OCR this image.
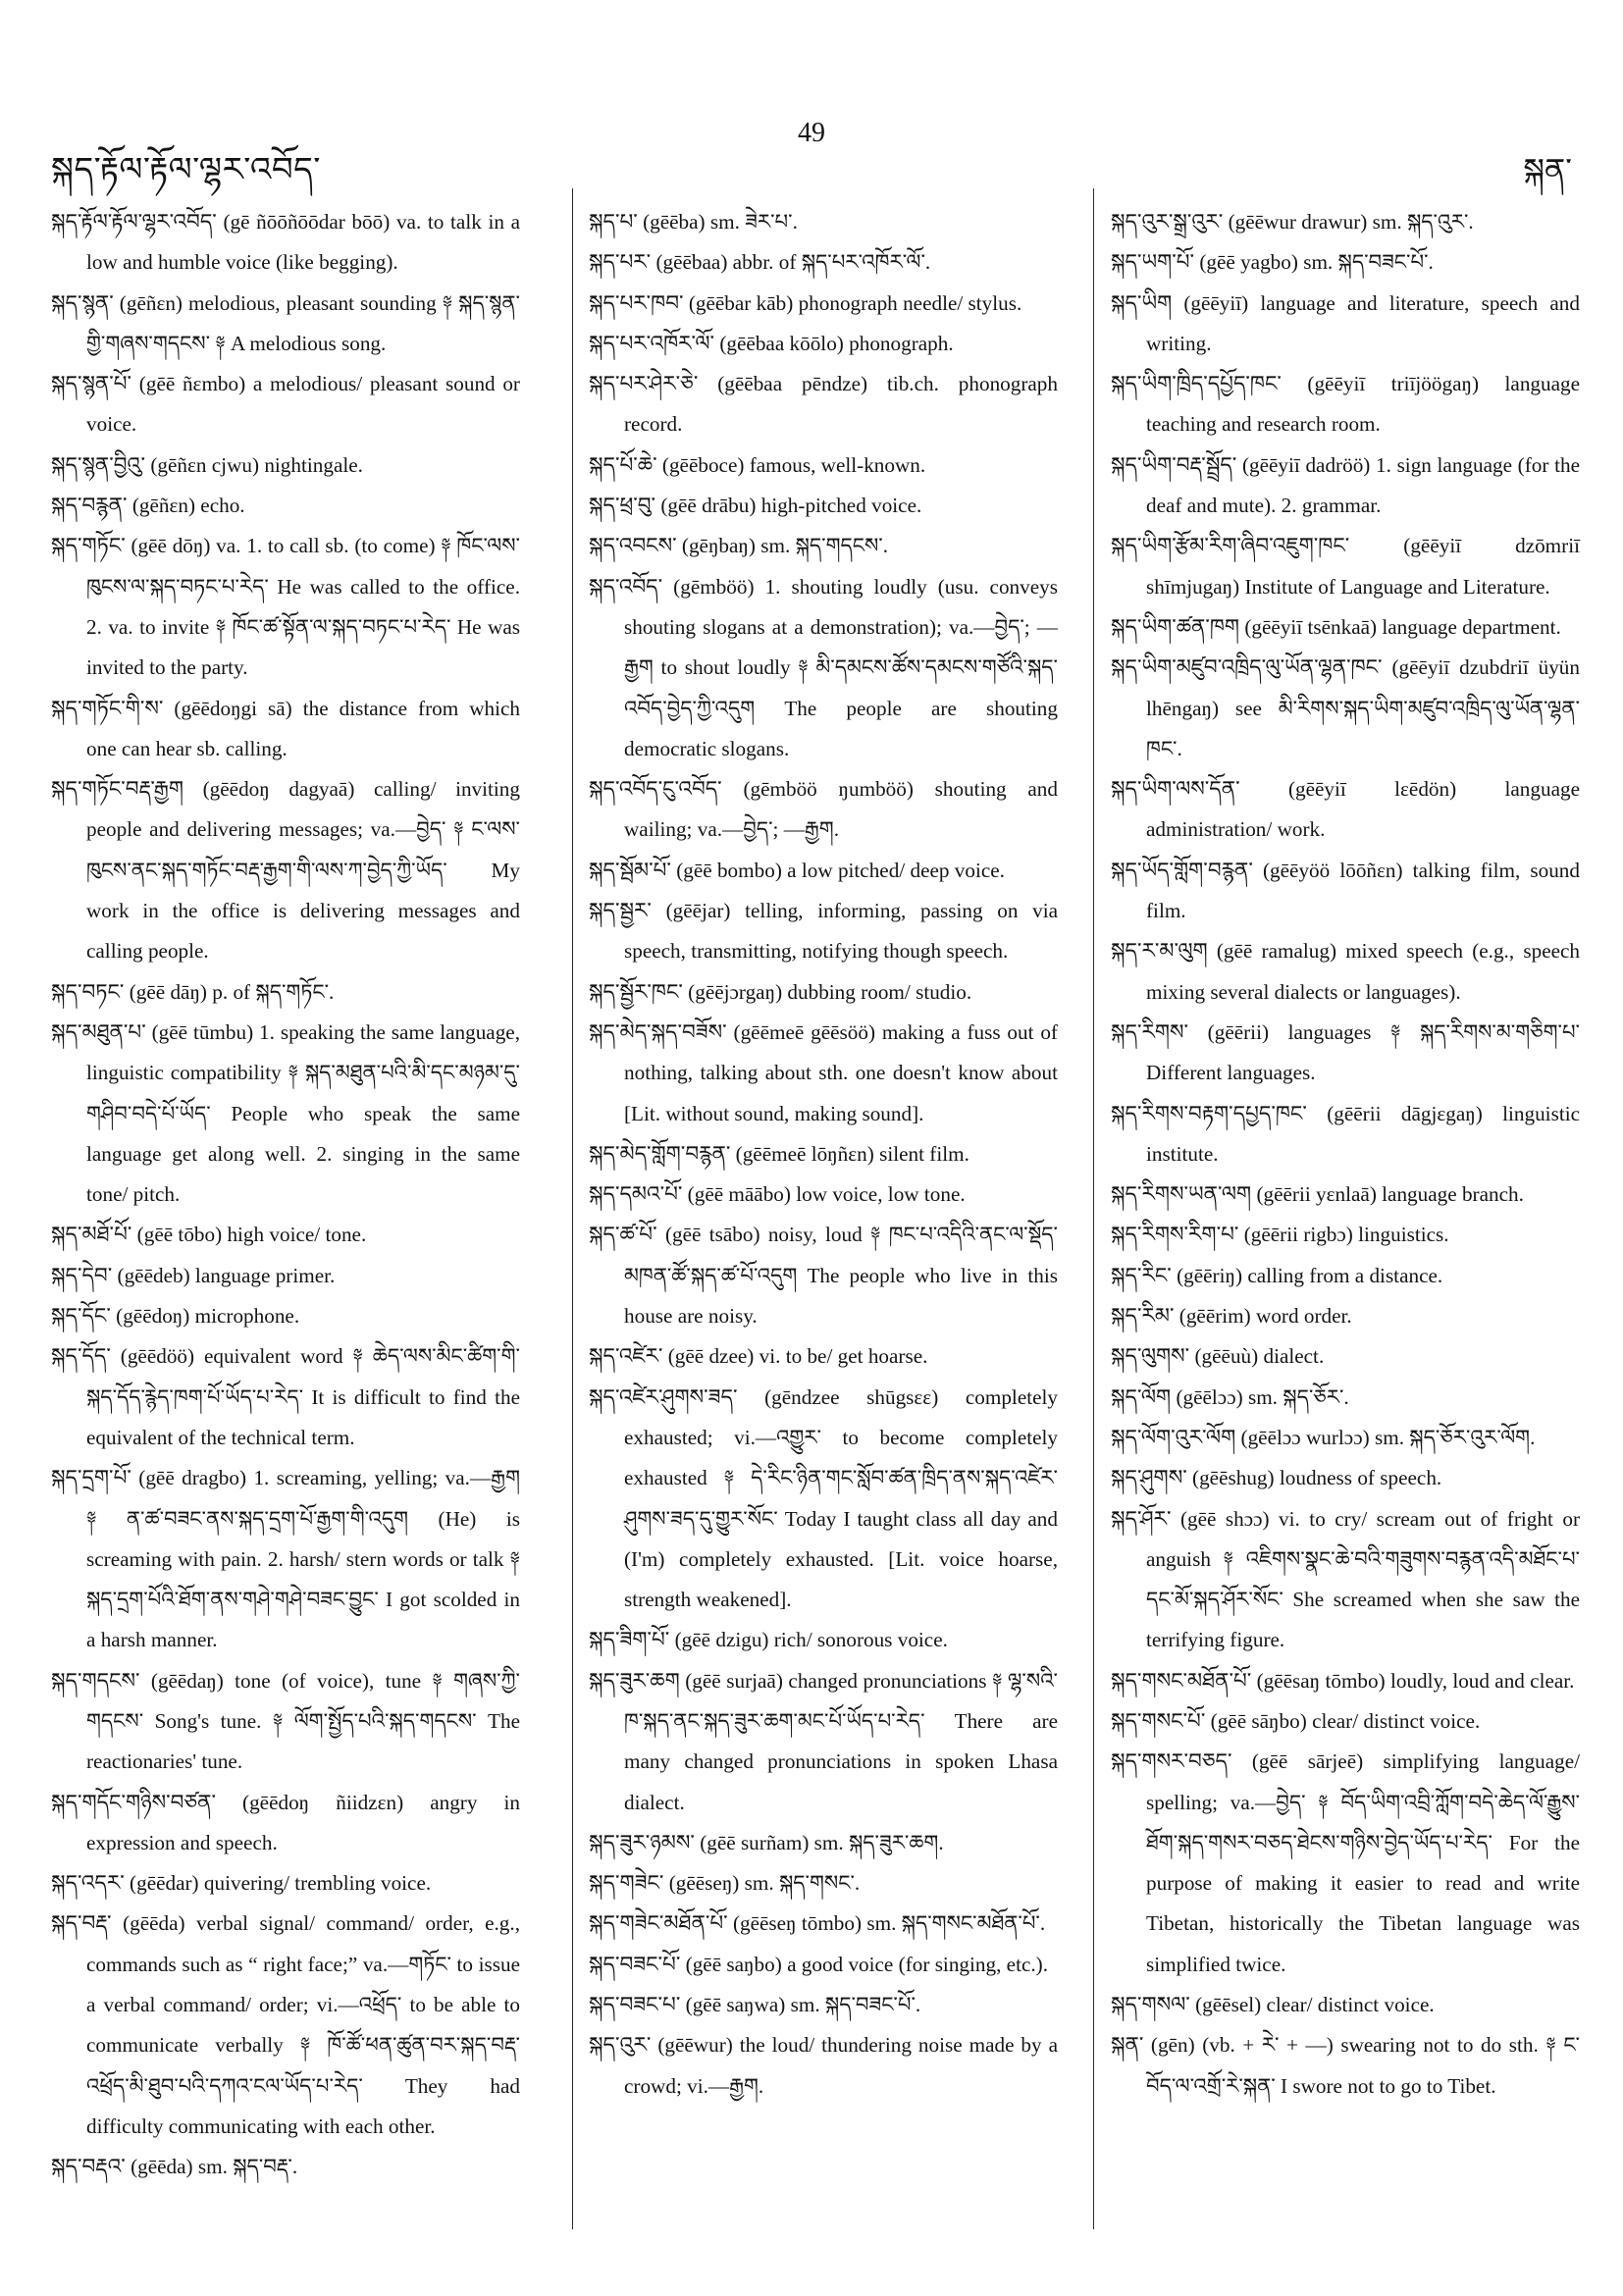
སྐད་རྟོལ་རྟོལ་ལྷར་འབོད་
49
སྐན་
སྐད་རྟོལ་རྟོལ་ལྷར་འབོད་ (gē ñōōñōōdar bōō) va. to talk in a low and humble voice (like begging).
སྐད་སྙན་ (gēñɛn) melodious, pleasant sounding ༈ སྐད་སྙན་གྱི་གཞས་གདངས་ ༈ A melodious song.
སྐད་སྙན་པོ་ (gēē ñɛmbo) a melodious/ pleasant sound or voice.
སྐད་སྙན་བྱིའུ་ (gēñɛn cjwu) nightingale.
སྐད་བརྙན་ (gēñɛn) echo.
སྐད་གཏོང་ (gēē dōŋ) va. 1. to call sb. (to come) ༈ ཁོང་ལས་ཁུངས་ལ་སྐད་བཏང་པ་རེད་ He was called to the office. 2. va. to invite ༈ ཁོང་ཚ་སྟོན་ལ་སྐད་བཏང་པ་རེད་ He was invited to the party.
སྐད་གཏོང་གི་ས་ (gēēdoŋgi sā) the distance from which one can hear sb. calling.
སྐད་གཏོང་བརྡ་རྒྱག (gēēdoŋ dagyaā) calling/ inviting people and delivering messages; va.—བྱེད་ ༈ ང་ལས་ཁུངས་ནང་སྐད་གཏོང་བརྡ་རྒྱག་གི་ལས་ཀ་བྱེད་ཀྱི་ཡོད་ My work in the office is delivering messages and calling people.
སྐད་བཏང་ (gēē dāŋ) p. of སྐད་གཏོང་.
སྐད་མཐུན་པ་ (gēē tūmbu) 1. speaking the same language, linguistic compatibility ༈ སྐད་མཐུན་པའི་མི་དང་མཉམ་དུ་གཤིབ་བདེ་པོ་ཡོད་ People who speak the same language get along well. 2. singing in the same tone/ pitch.
སྐད་མཐོ་པོ་ (gēē tōbo) high voice/ tone.
སྐད་དེབ་ (gēēdeb) language primer.
སྐད་དོང་ (gēēdoŋ) microphone.
སྐད་དོད་ (gēēdöö) equivalent word ༈ ཆེད་ལས་མིང་ཚིག་གི་སྐད་དོད་རྙེད་ཁག་པོ་ཡོད་པ་རེད་ It is difficult to find the equivalent of the technical term.
སྐད་དྲག་པོ་ (gēē dragbo) 1. screaming, yelling; va.—རྒྱག ༈ ན་ཚ་བཟང་ནས་སྐད་དྲག་པོ་རྒྱག་གི་འདུག (He) is screaming with pain. 2. harsh/ stern words or talk ༈ སྐད་དྲག་པོའི་ཐོག་ནས་གཤེ་གཤེ་བཟང་བྱུང་ I got scolded in a harsh manner.
སྐད་གདངས་ (gēēdaŋ) tone (of voice), tune ༈ གཞས་ཀྱི་གདངས་ Song's tune. ༈ ལོག་སྤྱོད་པའི་སྐད་གདངས་ The reactionaries' tune.
སྐད་གདོང་གཉིས་བཙན་ (gēēdoŋ ñiidzɛn) angry in expression and speech.
སྐད་འདར་ (gēēdar) quivering/ trembling voice.
སྐད་བརྡ་ (gēēda) verbal signal/ command/ order, e.g., commands such as “ right face;” va.—གཏོང་ to issue a verbal command/ order; vi.—འཕྲོད་ to be able to communicate verbally ༈ ཁོ་ཚོ་ཕན་ཚུན་བར་སྐད་བརྡ་འཕྲོད་མི་ཐུབ་པའི་དཀའ་ངལ་ཡོད་པ་རེད་ They had difficulty communicating with each other.
སྐད་བརྡའ་ (gēēda) sm. སྐད་བརྡ་.
སྐད་པ་ (gēēba) sm. ཟེར་པ་.
སྐད་པར་ (gēēbaa) abbr. of སྐད་པར་འཁོར་ལོ་.
སྐད་པར་ཁབ་ (gēēbar kāb) phonograph needle/ stylus.
སྐད་པར་འཁོར་ལོ་ (gēēbaa kōōlo) phonograph.
སྐད་པར་ཤེར་ཅེ་ (gēēbaa pēndze) tib.ch. phonograph record.
སྐད་པོ་ཆེ་ (gēēboce) famous, well-known.
སྐད་ཕྲ་བུ་ (gēē drābu) high-pitched voice.
སྐད་འབངས་ (gēŋbaŋ) sm. སྐད་གདངས་.
སྐད་འབོད་ (gēmböö) 1. shouting loudly (usu. conveys shouting slogans at a demonstration); va.—བྱེད་; —རྒྱག to shout loudly ༈ མི་དམངས་ཚོས་དམངས་གཙོའི་སྐད་འབོད་བྱེད་ཀྱི་འདུག The people are shouting democratic slogans.
སྐད་འབོད་ངུ་འབོད་ (gēmböö ŋumböö) shouting and wailing; va.—བྱེད་; —རྒྱག.
སྐད་སྦོམ་པོ་ (gēē bombo) a low pitched/ deep voice.
སྐད་སྦྱར་ (gēējar) telling, informing, passing on via speech, transmitting, notifying though speech.
སྐད་སྦྱོར་ཁང་ (gēējɔrgaŋ) dubbing room/ studio.
སྐད་མེད་སྐད་བཟོས་ (gēēmeē gēēsöö) making a fuss out of nothing, talking about sth. one doesn't know about [Lit. without sound, making sound].
སྐད་མེད་གློག་བརྙན་ (gēēmeē lōŋñɛn) silent film.
སྐད་དམའ་པོ་ (gēē māābo) low voice, low tone.
སྐད་ཚ་པོ་ (gēē tsābo) noisy, loud ༈ ཁང་པ་འདིའི་ནང་ལ་སྡོད་མཁན་ཚོ་སྐད་ཚ་པོ་འདུག The people who live in this house are noisy.
སྐད་འཛེར་ (gēē dzee) vi. to be/ get hoarse.
སྐད་འཛེར་ཤུགས་ཟད་ (gēndzee shūgsɛɛ) completely exhausted; vi.—འགྱུར་ to become completely exhausted ༈ དེ་རིང་ཉིན་གང་སློབ་ཚན་ཁྲིད་ནས་སྐད་འཛེར་ཤུགས་ཟད་དུ་གྱུར་སོང་ Today I taught class all day and (I'm) completely exhausted. [Lit. voice hoarse, strength weakened].
སྐད་ཟིག་པོ་ (gēē dzigu) rich/ sonorous voice.
སྐད་ཟུར་ཆག (gēē surjaā) changed pronunciations ༈ ལྷ་སའི་ཁ་སྐད་ནང་སྐད་ཟུར་ཆག་མང་པོ་ཡོད་པ་རེད་ There are many changed pronunciations in spoken Lhasa dialect.
སྐད་ཟུར་ཉམས་ (gēē surñam) sm. སྐད་ཟུར་ཆག.
སྐད་གཟེང་ (gēēseŋ) sm. སྐད་གསང་.
སྐད་གཟེང་མཐོན་པོ་ (gēēseŋ tōmbo) sm. སྐད་གསང་མཐོན་པོ་.
སྐད་བཟང་པོ་ (gēē saŋbo) a good voice (for singing, etc.).
སྐད་བཟང་པ་ (gēē saŋwa) sm. སྐད་བཟང་པོ་.
སྐད་འུར་ (gēēwur) the loud/ thundering noise made by a crowd; vi.—རྒྱག.
སྐད་འུར་སྒྲ་འུར་ (gēēwur drawur) sm. སྐད་འུར་.
སྐད་ཡག་པོ་ (gēē yagbo) sm. སྐད་བཟང་པོ་.
སྐད་ཡིག (gēēyiī) language and literature, speech and writing.
སྐད་ཡིག་ཁྲིད་དཔྱོད་ཁང་ (gēēyiī triījöögaŋ) language teaching and research room.
སྐད་ཡིག་བརྡ་སྦྲོད་ (gēēyiī dadröö) 1. sign language (for the deaf and mute). 2. grammar.
སྐད་ཡིག་རྩོམ་རིག་ཞིབ་འཇུག་ཁང་ (gēēyiī dzōmriī shīmjugaŋ) Institute of Language and Literature.
སྐད་ཡིག་ཚན་ཁག (gēēyiī tsēnkaā) language department.
སྐད་ཡིག་མཛུབ་འཁྲིད་ལུ་ཡོན་ལྷན་ཁང་ (gēēyiī dzubdriī üyün lhēngaŋ) see མི་རིགས་སྐད་ཡིག་མཛུབ་འཁྲིད་ལུ་ཡོན་ལྷན་ཁང་.
སྐད་ཡིག་ལས་དོན་ (gēēyiī lɛēdön) language administration/ work.
སྐད་ཡོད་གློག་བརྙན་ (gēēyöö lōōñɛn) talking film, sound film.
སྐད་ར་མ་ལུག (gēē ramalug) mixed speech (e.g., speech mixing several dialects or languages).
སྐད་རིགས་ (gēērii) languages ༈ སྐད་རིགས་མ་གཅིག་པ་ Different languages.
སྐད་རིགས་བརྟག་དཔྱད་ཁང་ (gēērii dāgjɛgaŋ) linguistic institute.
སྐད་རིགས་ཡན་ལག (gēērii yɛnlaā) language branch.
སྐད་རིགས་རིག་པ་ (gēērii rigbɔ) linguistics.
སྐད་རིང་ (gēēriŋ) calling from a distance.
སྐད་རིམ་ (gēērim) word order.
སྐད་ལུགས་ (gēēuù) dialect.
སྐད་ལོག (gēēlɔɔ) sm. སྐད་ཅོར་.
སྐད་ལོག་འུར་ལོག (gēēlɔɔ wurlɔɔ) sm. སྐད་ཅོར་འུར་ལོག.
སྐད་ཤུགས་ (gēēshug) loudness of speech.
སྐད་ཤོར་ (gēē shɔɔ) vi. to cry/ scream out of fright or anguish ༈ འཇིགས་སྣང་ཆེ་བའི་གཟུགས་བརྙན་འདི་མཐོང་པ་དང་མོ་སྐད་ཤོར་སོང་ She screamed when she saw the terrifying figure.
སྐད་གསང་མཐོན་པོ་ (gēēsaŋ tōmbo) loudly, loud and clear.
སྐད་གསང་པོ་ (gēē sāŋbo) clear/ distinct voice.
སྐད་གསར་བཅད་ (gēē sārjeē) simplifying language/ spelling; va.—བྱེད་ ༈ བོད་ཡིག་འབྲི་ཀློག་བདེ་ཆེད་ལོ་རྒྱུས་ཐོག་སྐད་གསར་བཅད་ཐེངས་གཉིས་བྱེད་ཡོད་པ་རེད་ For the purpose of making it easier to read and write Tibetan, historically the Tibetan language was simplified twice.
སྐད་གསལ་ (gēēsel) clear/ distinct voice.
སྐན་ (gēn) (vb. + རེ་ + —) swearing not to do sth. ༈ ང་བོད་ལ་འགྲོ་རེ་སྐན་ I swore not to go to Tibet.
